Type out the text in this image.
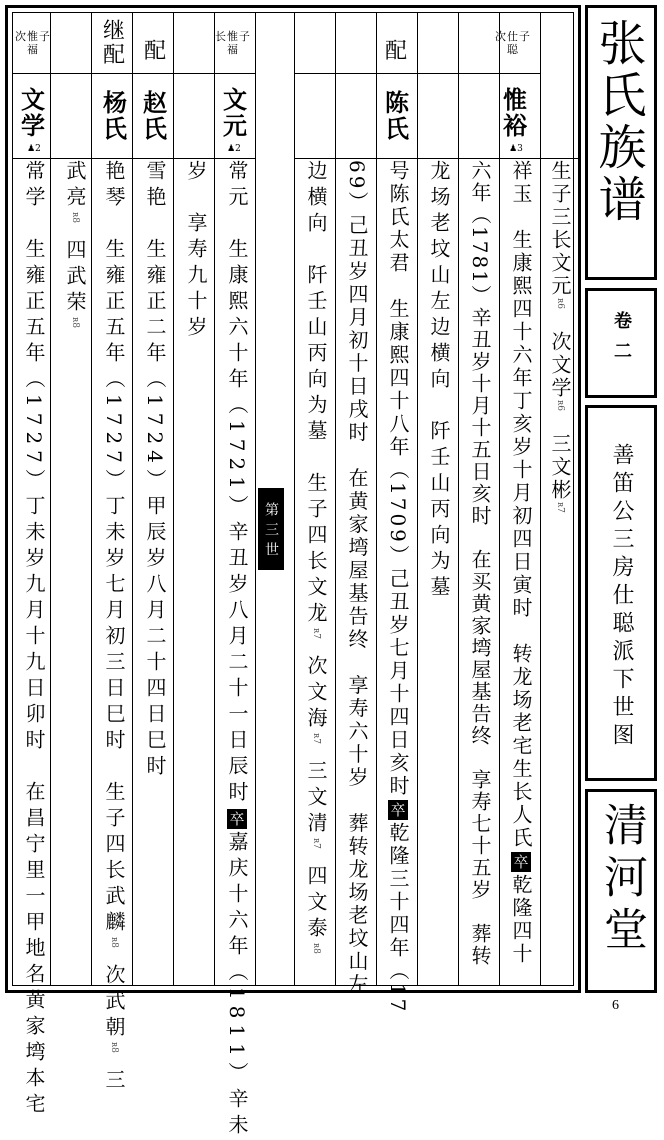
次惟子福
文学
♟2
继配
杨氏
配
赵氏
长惟子福
文元
♟2
配
陈氏
次仕子聪
惟裕
♟3
常学　生雍正五年（1727）丁未岁九月十九日卯时　在昌宁里一甲地名黄家塆本宅 武亮ʀ8四武荣ʀ8 艳琴　生雍正五年（1727）丁未岁七月初三日巳时　生子四长武麟ʀ8次武朝ʀ8三
雪艳　生雍正二年（1724）甲辰岁八月二十四日巳时 岁　享寿九十岁 常元　生康熙六十年（1721）辛丑岁八月二十一日辰时卒嘉庆十六年（1811）辛未
第三世 边横向　阡壬山丙向为墓　生子四长文龙ʀ7次文海ʀ7三文清ʀ7四文泰ʀ8 69）己丑岁四月初十日戌时　在黄家塆屋基告终　享寿六十岁　葬转龙场老坟山左 号陈氏太君　生康熙四十八年（1709）己丑岁七月十四日亥时卒乾隆三十四年（17
龙场老坟山左边横向　阡壬山丙向为墓 六年（1781）辛丑岁十月十五日亥时　在买黄家塆屋基告终　享寿七十五岁　葬转 祥玉　生康熙四十六年丁亥岁十月初四日寅时　转龙场老宅生长人氏卒乾隆四十
生子三长文元ʀ6次文学ʀ6三文彬ʀ7
张氏族谱
卷二
善笛公三房仕聪派下世图
清河堂
6
